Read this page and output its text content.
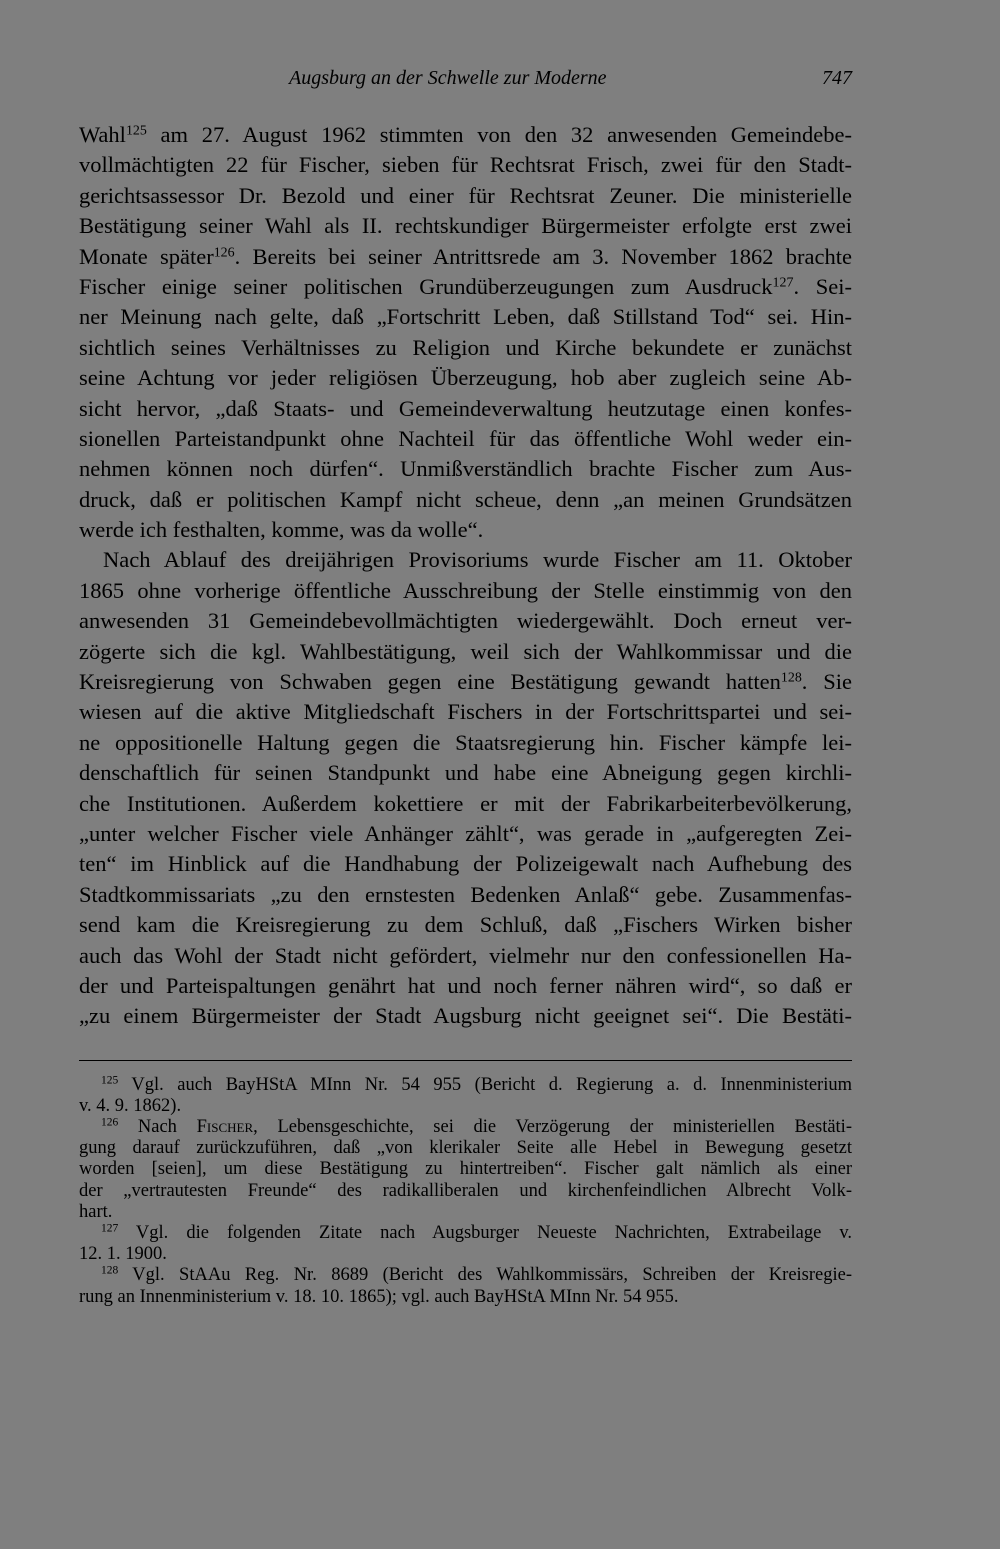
Augsburg an der Schwelle zur Moderne	747
Wahl$^{125}$ am 27. August 1962 stimmten von den 32 anwesenden Gemeindebe-
vollmächtigten 22 für Fischer, sieben für Rechtsrat Frisch, zwei für den Stadt-
gerichtsassessor Dr. Bezold und einer für Rechtsrat Zeuner. Die ministerielle
Bestätigung seiner Wahl als II. rechtskundiger Bürgermeister erfolgte erst zwei
Monate später$^{126}$. Bereits bei seiner Antrittsrede am 3. November 1862 brachte
Fischer einige seiner politischen Grundüberzeugungen zum Ausdruck$^{127}$. Sei-
ner Meinung nach gelte, daß „Fortschritt Leben, daß Stillstand Tod“ sei. Hin-
sichtlich seines Verhältnisses zu Religion und Kirche bekundete er zunächst
seine Achtung vor jeder religiösen Überzeugung, hob aber zugleich seine Ab-
sicht hervor, „daß Staats- und Gemeindeverwaltung heutzutage einen konfes-
sionellen Parteistandpunkt ohne Nachteil für das öffentliche Wohl weder ein-
nehmen können noch dürfen“. Unmißverständlich brachte Fischer zum Aus-
druck, daß er politischen Kampf nicht scheue, denn „an meinen Grundsätzen
werde ich festhalten, komme, was da wolle“.
Nach Ablauf des dreijährigen Provisoriums wurde Fischer am 11. Oktober
1865 ohne vorherige öffentliche Ausschreibung der Stelle einstimmig von den
anwesenden 31 Gemeindebevollmächtigten wiedergewählt. Doch erneut ver-
zögerte sich die kgl. Wahlbestätigung, weil sich der Wahlkommissar und die
Kreisregierung von Schwaben gegen eine Bestätigung gewandt hatten$^{128}$. Sie
wiesen auf die aktive Mitgliedschaft Fischers in der Fortschrittspartei und sei-
ne oppositionelle Haltung gegen die Staatsregierung hin. Fischer kämpfe lei-
denschaftlich für seinen Standpunkt und habe eine Abneigung gegen kirchli-
che Institutionen. Außerdem kokettiere er mit der Fabrikarbeiterbevölkerung,
„unter welcher Fischer viele Anhänger zählt“, was gerade in „aufgeregten Zei-
ten“ im Hinblick auf die Handhabung der Polizeigewalt nach Aufhebung des
Stadtkommissariats „zu den ernstesten Bedenken Anlaß“ gebe. Zusammenfas-
send kam die Kreisregierung zu dem Schluß, daß „Fischers Wirken bisher
auch das Wohl der Stadt nicht gefördert, vielmehr nur den confessionellen Ha-
der und Parteispaltungen genährt hat und noch ferner nähren wird“, so daß er
„zu einem Bürgermeister der Stadt Augsburg nicht geeignet sei“. Die Bestäti-
$^{125}$ Vgl. auch BayHStA MInn Nr. 54 955 (Bericht d. Regierung a. d. Innenministerium
v. 4. 9. 1862).
$^{126}$ Nach Fischer, Lebensgeschichte, sei die Verzögerung der ministeriellen Bestäti-
gung darauf zurückzuführen, daß „von klerikaler Seite alle Hebel in Bewegung gesetzt
worden [seien], um diese Bestätigung zu hintertreiben“. Fischer galt nämlich als einer
der „vertrautesten Freunde“ des radikalliberalen und kirchenfeindlichen Albrecht Volk-
hart.
$^{127}$ Vgl. die folgenden Zitate nach Augsburger Neueste Nachrichten, Extrabeilage v.
12. 1. 1900.
$^{128}$ Vgl. StAAu Reg. Nr. 8689 (Bericht des Wahlkommissärs, Schreiben der Kreisregie-
rung an Innenministerium v. 18. 10. 1865); vgl. auch BayHStA MInn Nr. 54 955.
